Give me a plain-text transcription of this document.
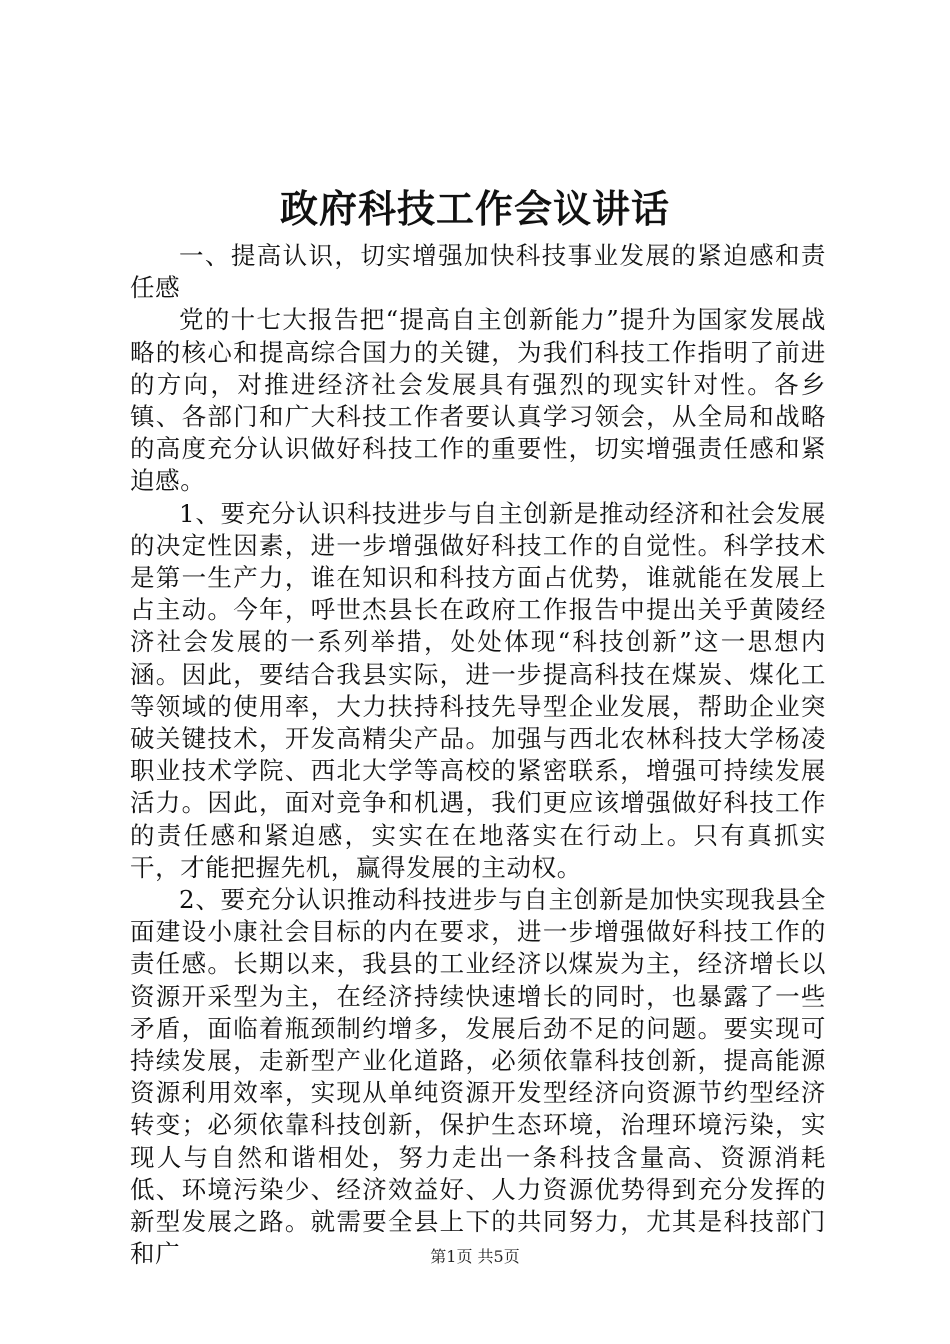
政府科技工作会议讲话

一、提高认识，切实增强加快科技事业发展的紧迫感和责任感

党的十七大报告把“提高自主创新能力”提升为国家发展战略的核心和提高综合国力的关键，为我们科技工作指明了前进的方向，对推进经济社会发展具有强烈的现实针对性。各乡镇、各部门和广大科技工作者要认真学习领会，从全局和战略的高度充分认识做好科技工作的重要性，切实增强责任感和紧迫感。

1、要充分认识科技进步与自主创新是推动经济和社会发展的决定性因素，进一步增强做好科技工作的自觉性。科学技术是第一生产力，谁在知识和科技方面占优势，谁就能在发展上占主动。今年，呼世杰县长在政府工作报告中提出关乎黄陵经济社会发展的一系列举措，处处体现“科技创新”这一思想内涵。因此，要结合我县实际，进一步提高科技在煤炭、煤化工等领域的使用率，大力扶持科技先导型企业发展，帮助企业突破关键技术，开发高精尖产品。加强与西北农林科技大学杨凌职业技术学院、西北大学等高校的紧密联系，增强可持续发展活力。因此，面对竞争和机遇，我们更应该增强做好科技工作的责任感和紧迫感，实实在在地落实在行动上。只有真抓实干，才能把握先机，赢得发展的主动权。

2、要充分认识推动科技进步与自主创新是加快实现我县全面建设小康社会目标的内在要求，进一步增强做好科技工作的责任感。长期以来，我县的工业经济以煤炭为主，经济增长以资源开采型为主，在经济持续快速增长的同时，也暴露了一些矛盾，面临着瓶颈制约增多，发展后劲不足的问题。要实现可持续发展，走新型产业化道路，必须依靠科技创新，提高能源资源利用效率，实现从单纯资源开发型经济向资源节约型经济转变；必须依靠科技创新，保护生态环境，治理环境污染，实现人与自然和谐相处，努力走出一条科技含量高、资源消耗低、环境污染少、经济效益好、人力资源优势得到充分发挥的新型发展之路。就需要全县上下的共同努力，尤其是科技部门和广	第1页 共5页
